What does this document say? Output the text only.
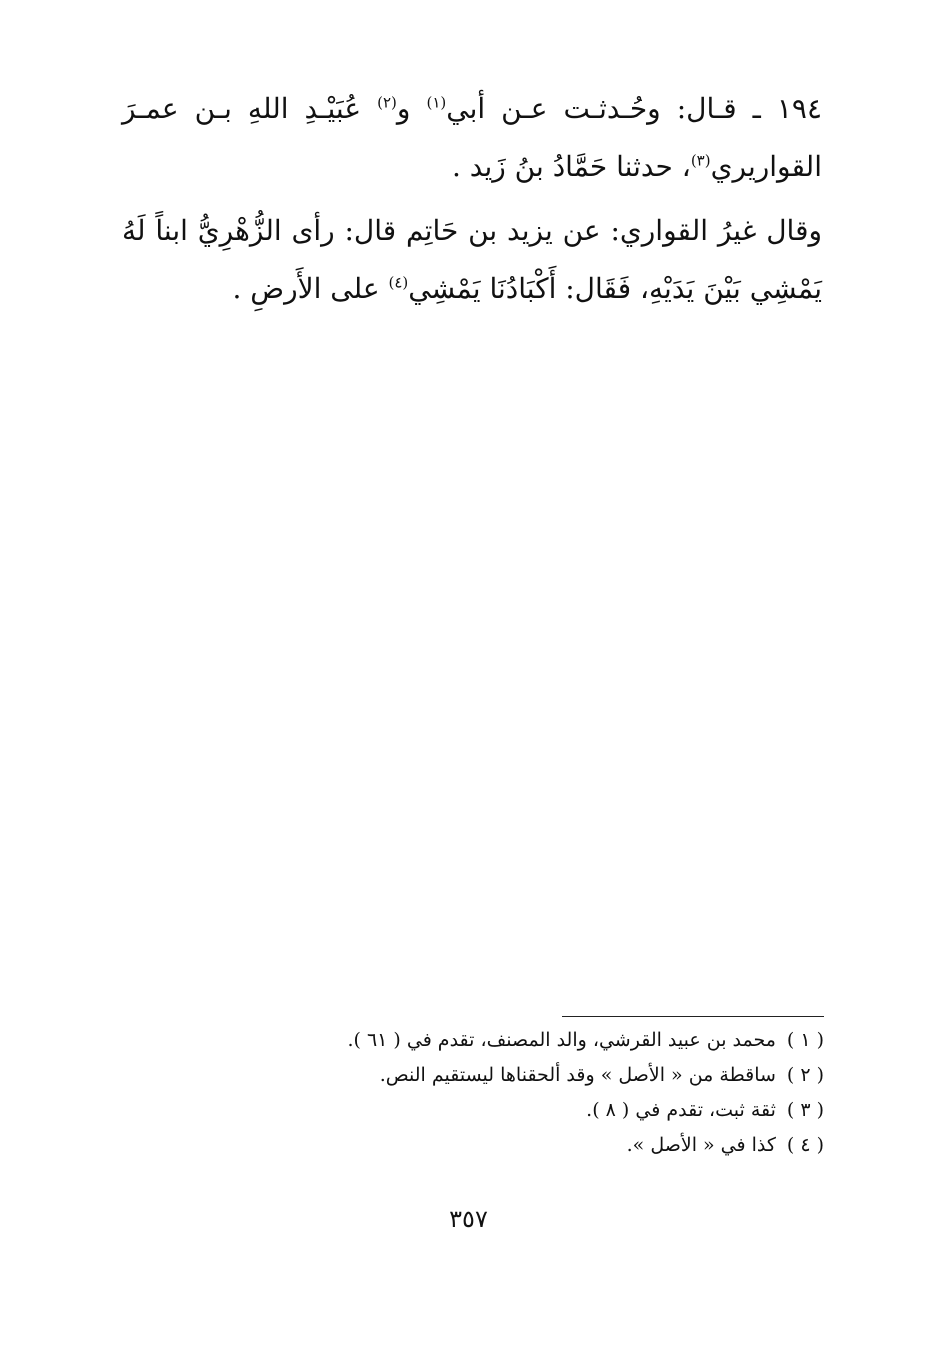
١٩٤ ـ قـال: وحُـدثـت عـن أبي$^{(١)}$ و$^{(٢)}$ عُبَيْـدِ اللهِ بـن عمـرَ القواريري$^{(٣)}$، حدثنا حَمَّادُ بنُ زَيد .

وقال غيرُ القواري: عن يزيد بن حَاتِم قال: رأى الزُّهْرِيُّ ابناً لَهُ يَمْشِي بَيْنَ يَدَيْهِ، فَقَال: أَكْبَادُنَا يَمْشِي$^{(٤)}$ على الأَرضِ .

( ١ ) محمد بن عبيد القرشي، والد المصنف، تقدم في ( ٦١ ).
( ٢ ) ساقطة من « الأصل » وقد ألحقناها ليستقيم النص.
( ٣ ) ثقة ثبت، تقدم في ( ٨ ).
( ٤ ) كذا في « الأصل ».
٣٥٧
